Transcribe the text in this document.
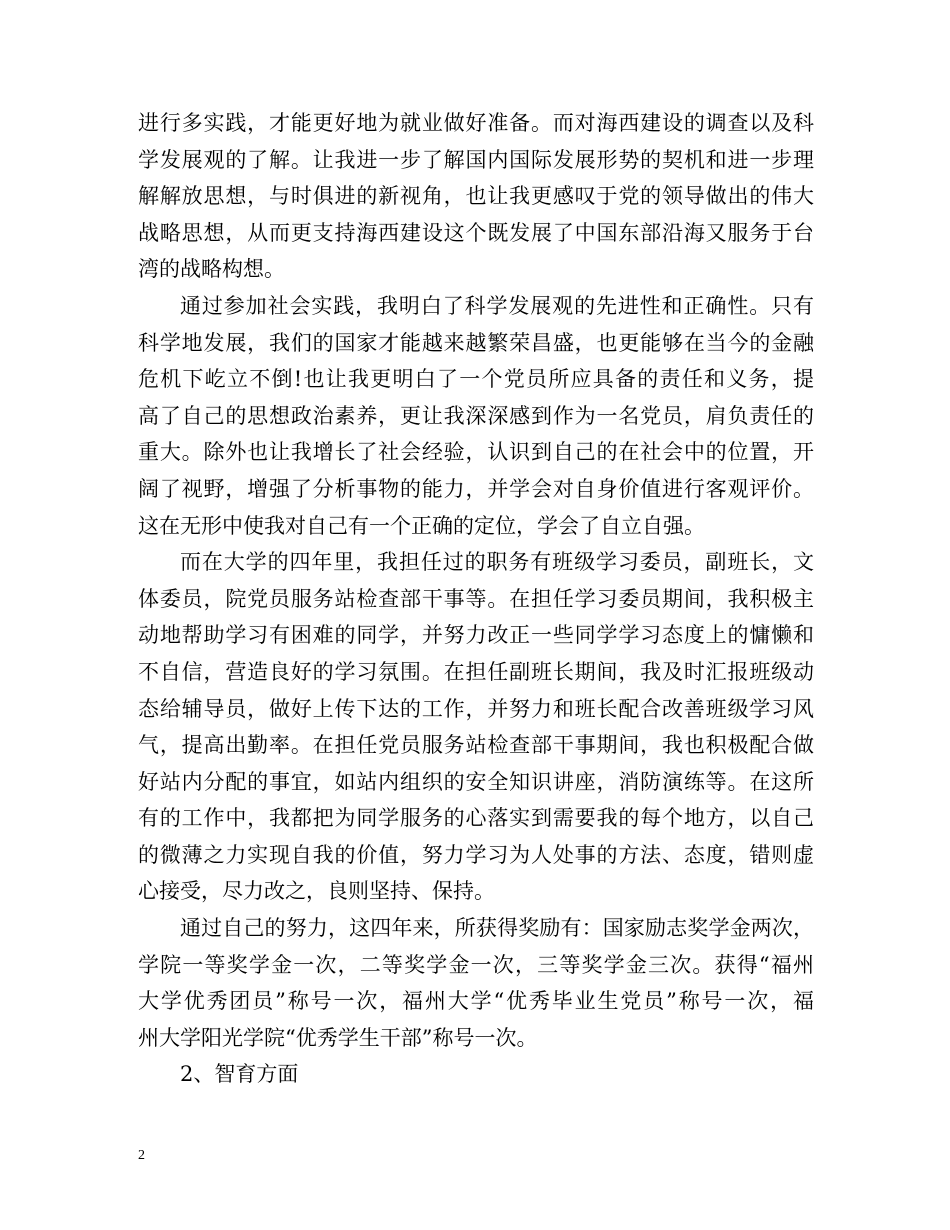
进行多实践，才能更好地为就业做好准备。而对海西建设的调查以及科
学发展观的了解。让我进一步了解国内国际发展形势的契机和进一步理
解解放思想，与时俱进的新视角，也让我更感叹于党的领导做出的伟大
战略思想，从而更支持海西建设这个既发展了中国东部沿海又服务于台
湾的战略构想。
通过参加社会实践，我明白了科学发展观的先进性和正确性。只有
科学地发展，我们的国家才能越来越繁荣昌盛，也更能够在当今的金融
危机下屹立不倒!也让我更明白了一个党员所应具备的责任和义务，提
高了自己的思想政治素养，更让我深深感到作为一名党员，肩负责任的
重大。除外也让我增长了社会经验，认识到自己的在社会中的位置，开
阔了视野，增强了分析事物的能力，并学会对自身价值进行客观评价。
这在无形中使我对自己有一个正确的定位，学会了自立自强。
而在大学的四年里，我担任过的职务有班级学习委员，副班长，文
体委员，院党员服务站检查部干事等。在担任学习委员期间，我积极主
动地帮助学习有困难的同学，并努力改正一些同学学习态度上的慵懒和
不自信，营造良好的学习氛围。在担任副班长期间，我及时汇报班级动
态给辅导员，做好上传下达的工作，并努力和班长配合改善班级学习风
气，提高出勤率。在担任党员服务站检查部干事期间，我也积极配合做
好站内分配的事宜，如站内组织的安全知识讲座，消防演练等。在这所
有的工作中，我都把为同学服务的心落实到需要我的每个地方，以自己
的微薄之力实现自我的价值，努力学习为人处事的方法、态度，错则虚
心接受，尽力改之，良则坚持、保持。
通过自己的努力，这四年来，所获得奖励有：国家励志奖学金两次，
学院一等奖学金一次，二等奖学金一次，三等奖学金三次。获得“福州
大学优秀团员”称号一次，福州大学“优秀毕业生党员”称号一次，福
州大学阳光学院“优秀学生干部”称号一次。
2、智育方面
2
